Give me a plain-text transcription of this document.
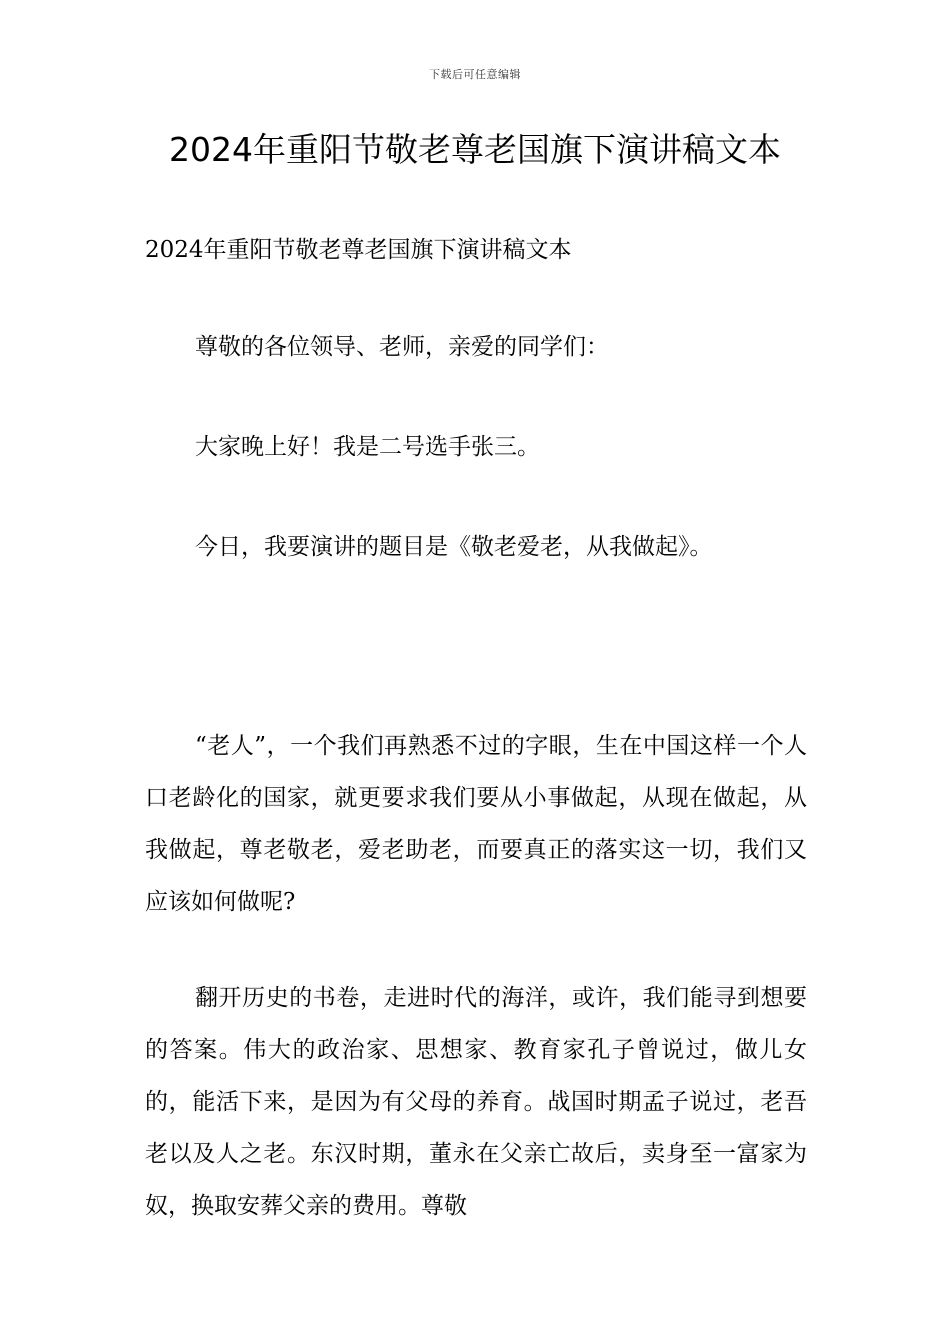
下载后可任意编辑
2024年重阳节敬老尊老国旗下演讲稿文本
2024年重阳节敬老尊老国旗下演讲稿文本

尊敬的各位领导、老师，亲爱的同学们：

大家晚上好！我是二号选手张三。

今日，我要演讲的题目是《敬老爱老，从我做起》。

“老人”，一个我们再熟悉不过的字眼，生在中国这样一个人口老龄化的国家，就更要求我们要从小事做起，从现在做起，从我做起，尊老敬老，爱老助老，而要真正的落实这一切，我们又应该如何做呢?

翻开历史的书卷，走进时代的海洋，或许，我们能寻到想要的答案。伟大的政治家、思想家、教育家孔子曾说过，做儿女的，能活下来，是因为有父母的养育。战国时期孟子说过，老吾老以及人之老。东汉时期，董永在父亲亡故后，卖身至一富家为奴，换取安葬父亲的费用。尊敬
